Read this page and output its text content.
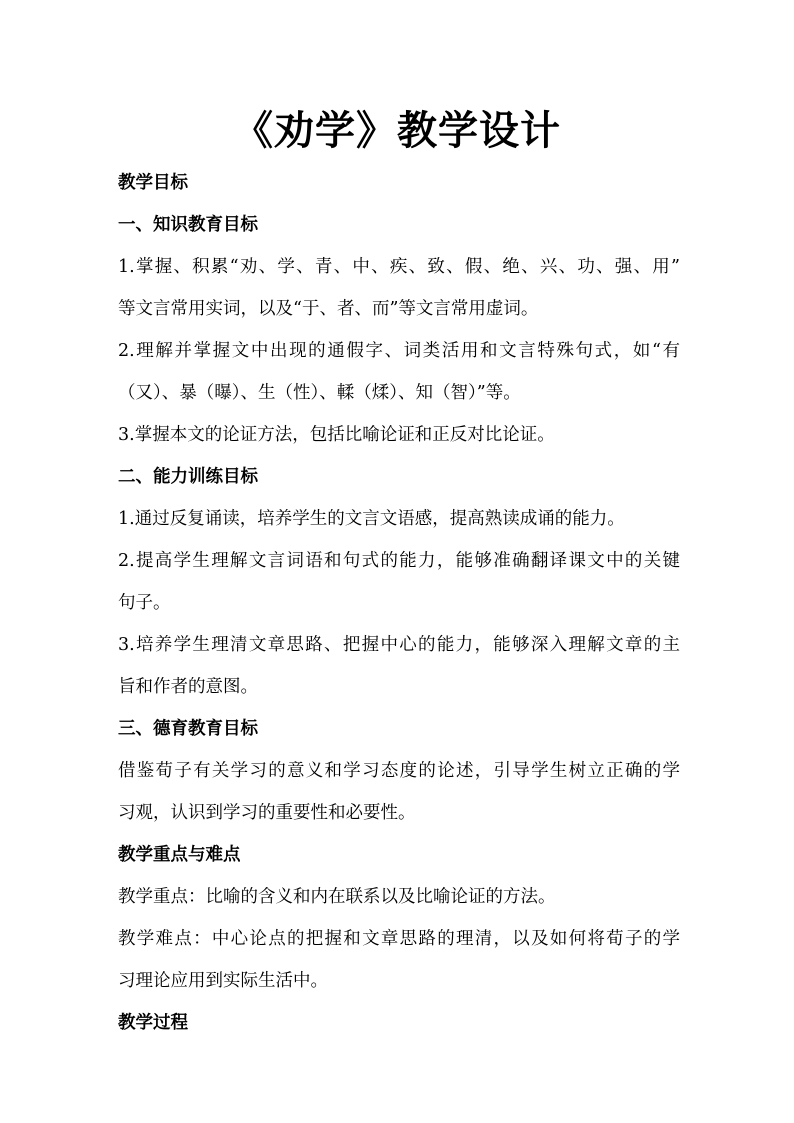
《劝学》教学设计
教学目标
一、知识教育目标
1.掌握、积累“劝、学、青、中、疾、致、假、绝、兴、功、强、用”
等文言常用实词，以及“于、者、而”等文言常用虚词。
2.理解并掌握文中出现的通假字、词类活用和文言特殊句式，如“有
（又）、暴（曝）、生（性）、輮（煣）、知（智）”等。
3.掌握本文的论证方法，包括比喻论证和正反对比论证。
二、能力训练目标
1.通过反复诵读，培养学生的文言文语感，提高熟读成诵的能力。
2.提高学生理解文言词语和句式的能力，能够准确翻译课文中的关键
句子。
3.培养学生理清文章思路、把握中心的能力，能够深入理解文章的主
旨和作者的意图。
三、德育教育目标
借鉴荀子有关学习的意义和学习态度的论述，引导学生树立正确的学
习观，认识到学习的重要性和必要性。
教学重点与难点
教学重点：比喻的含义和内在联系以及比喻论证的方法。
教学难点：中心论点的把握和文章思路的理清，以及如何将荀子的学
习理论应用到实际生活中。
教学过程
